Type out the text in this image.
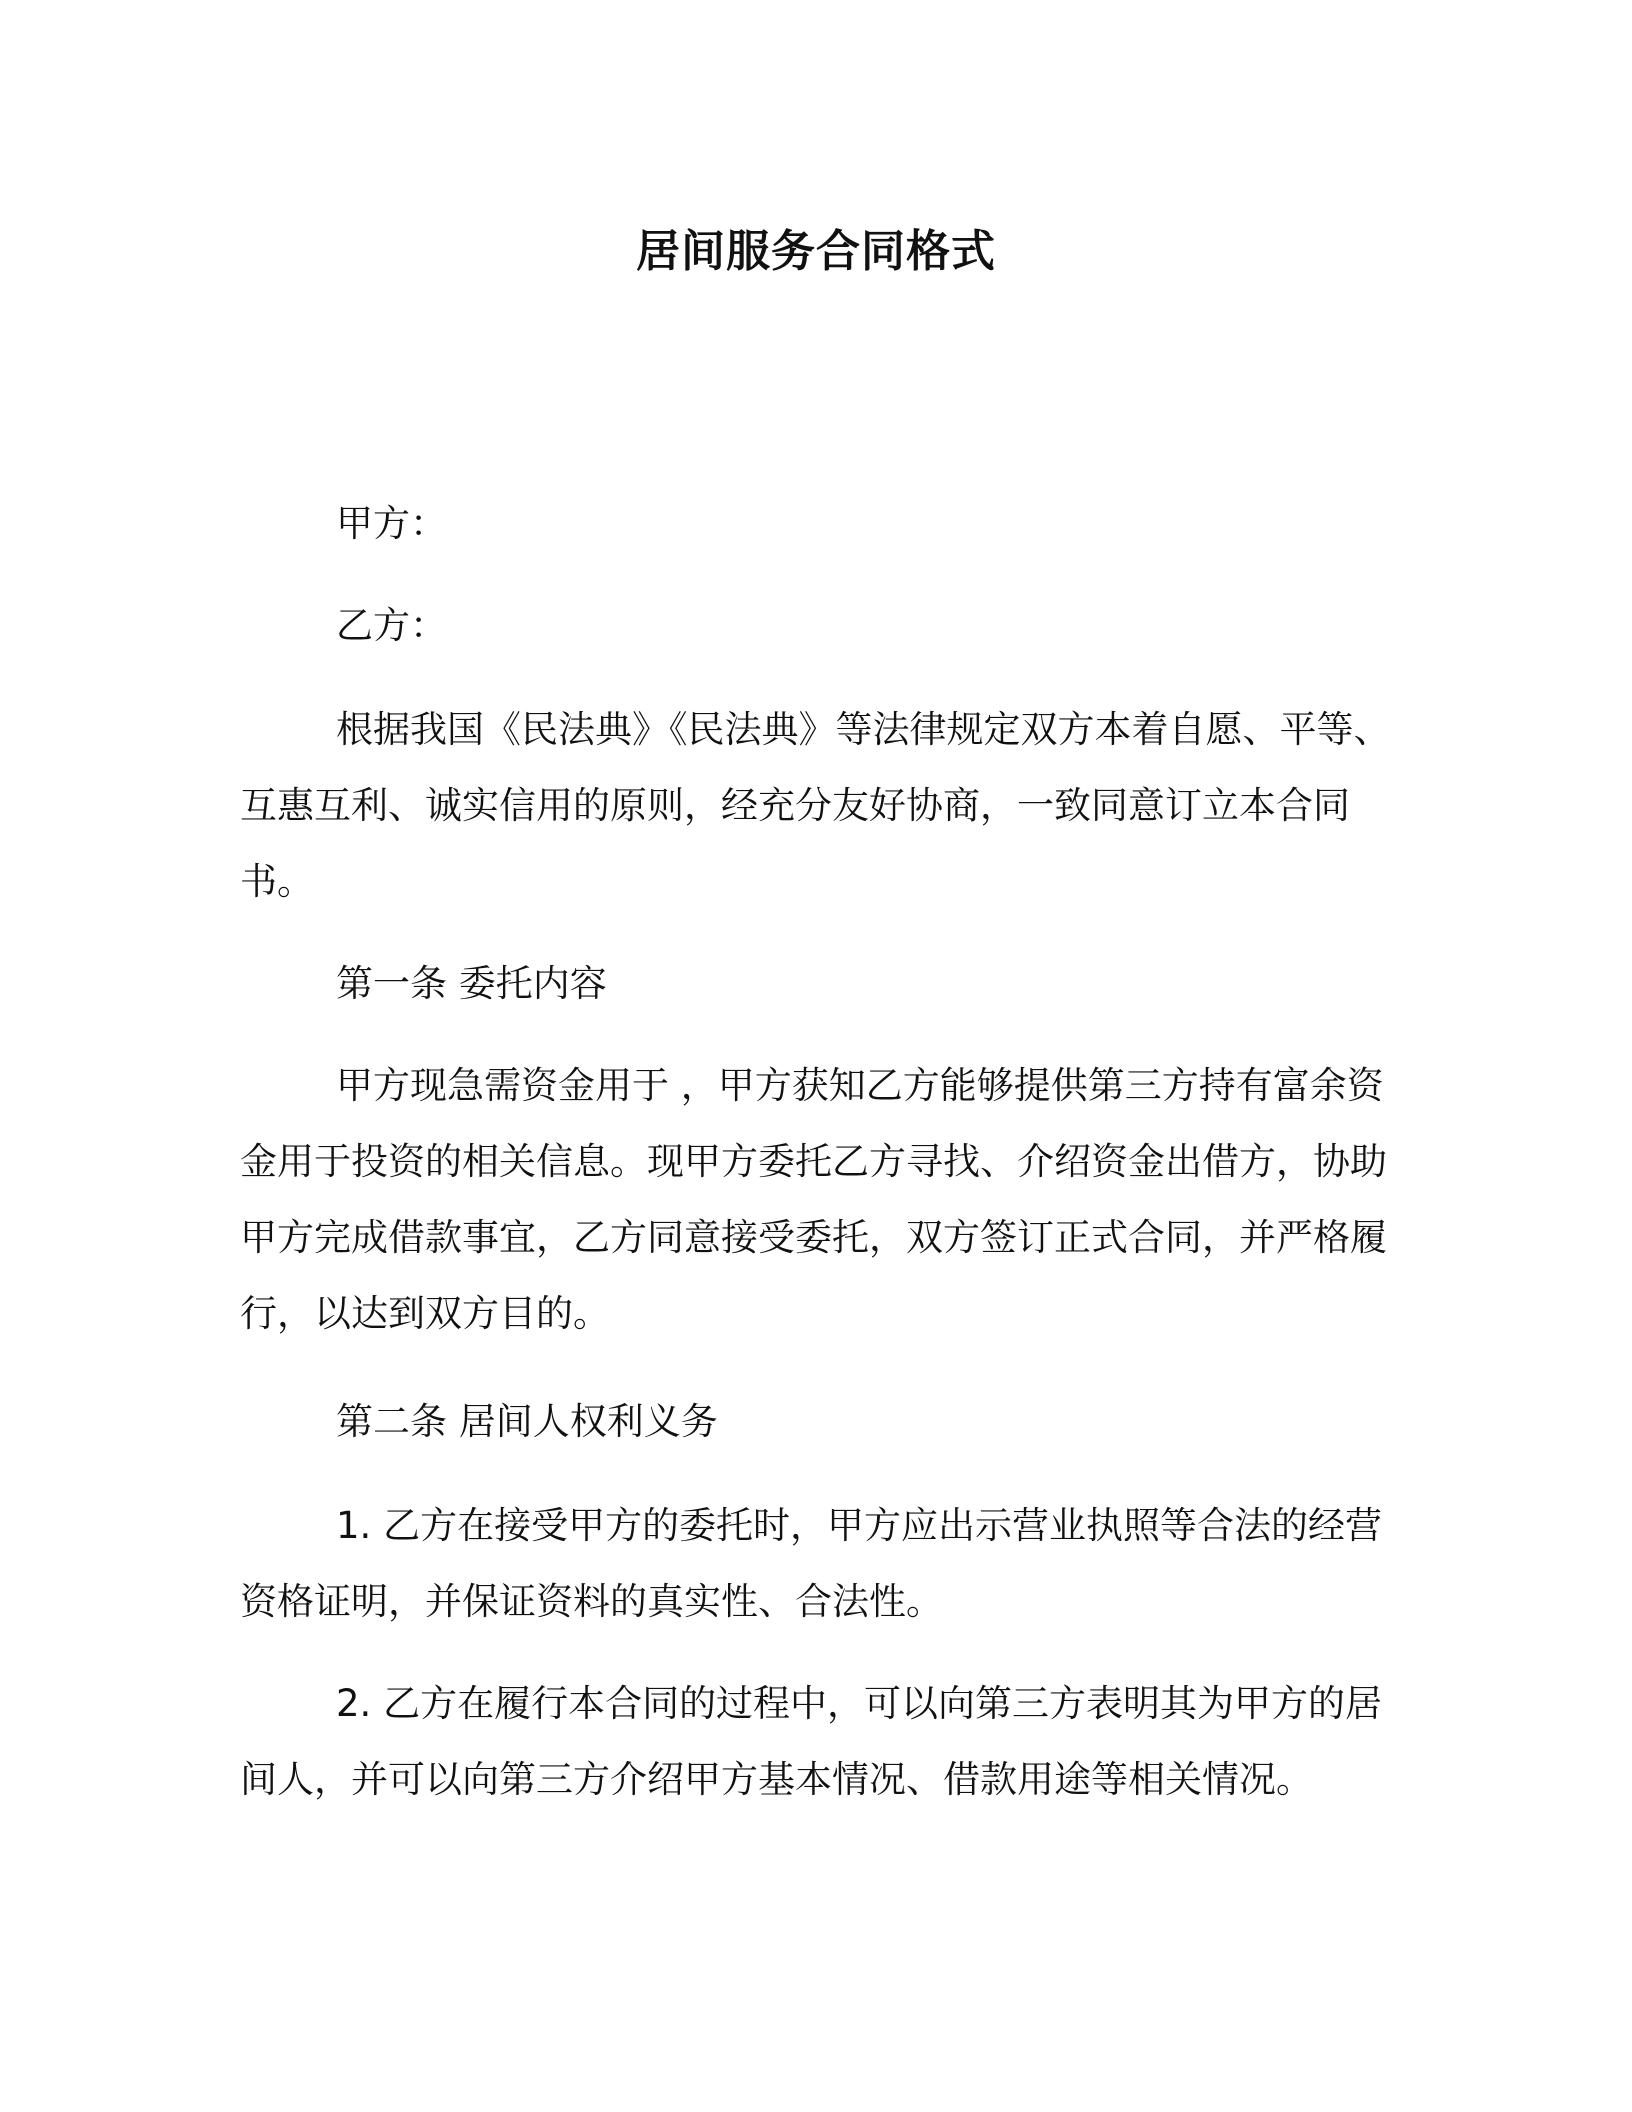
居间服务合同格式

甲方：

乙方：

根据我国《民法典》《民法典》等法律规定双方本着自愿、平等、互惠互利、诚实信用的原则，经充分友好协商，一致同意订立本合同书。

第一条 委托内容

甲方现急需资金用于 ，甲方获知乙方能够提供第三方持有富余资金用于投资的相关信息。现甲方委托乙方寻找、介绍资金出借方，协助甲方完成借款事宜，乙方同意接受委托，双方签订正式合同，并严格履行，以达到双方目的。

第二条 居间人权利义务

1. 乙方在接受甲方的委托时，甲方应出示营业执照等合法的经营资格证明，并保证资料的真实性、合法性。

2. 乙方在履行本合同的过程中，可以向第三方表明其为甲方的居间人，并可以向第三方介绍甲方基本情况、借款用途等相关情况。
